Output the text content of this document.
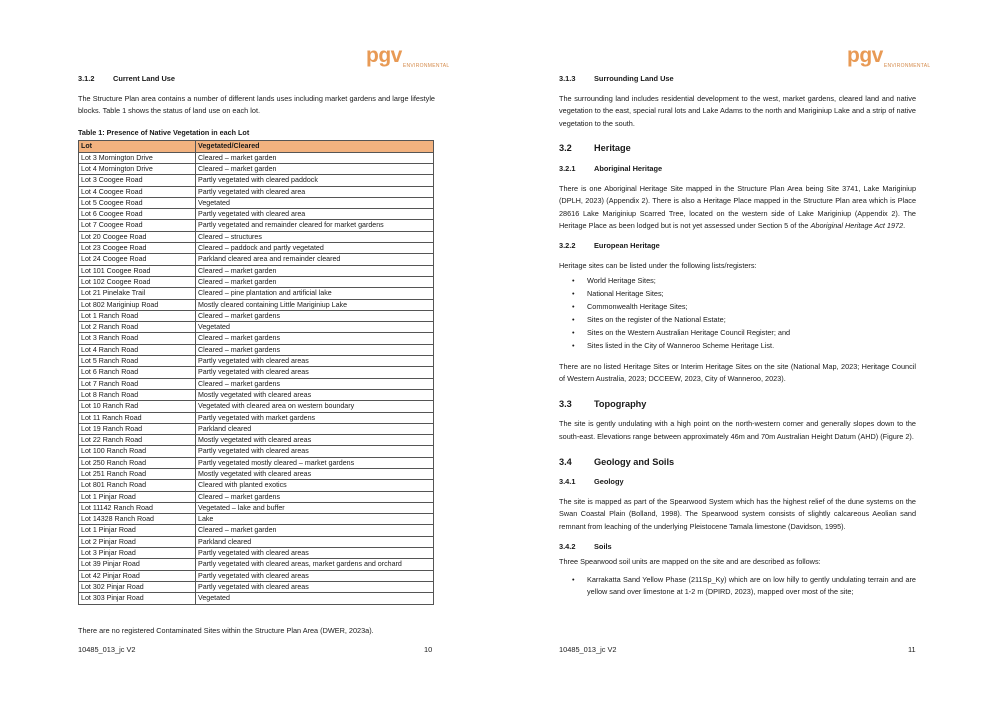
pgv$_{ENVIRONMENTAL}$
3.1.2	Current Land Use

The Structure Plan area contains a number of different lands uses including market gardens and large lifestyle blocks. Table 1 shows the status of land use on each lot.

Table 1: Presence of Native Vegetation in each Lot
Lot	Vegetated/Cleared
Lot 3 Mornington Drive	Cleared – market garden
Lot 4 Mornington Drive	Cleared – market garden
Lot 3 Coogee Road	Partly vegetated with cleared paddock
Lot 4 Coogee Road	Partly vegetated with cleared area
Lot 5 Coogee Road	Vegetated
Lot 6 Coogee Road	Partly vegetated with cleared area
Lot 7 Coogee Road	Partly vegetated and remainder cleared for market gardens
Lot 20 Coogee Road	Cleared – structures
Lot 23 Coogee Road	Cleared – paddock and partly vegetated
Lot 24 Coogee Road	Parkland cleared area and remainder cleared
Lot 101 Coogee Road	Cleared – market garden
Lot 102 Coogee Road	Cleared – market garden
Lot 21 Pinelake Trail	Cleared – pine plantation and artificial lake
Lot 802 Mariginiup Road	Mostly cleared containing Little Mariginiup Lake
Lot 1 Ranch Road	Cleared – market gardens
Lot 2 Ranch Road	Vegetated
Lot 3 Ranch Road	Cleared – market gardens
Lot 4 Ranch Road	Cleared – market gardens
Lot 5 Ranch Road	Partly vegetated with cleared areas
Lot 6 Ranch Road	Partly vegetated with cleared areas
Lot 7 Ranch Road	Cleared – market gardens
Lot 8 Ranch Road	Mostly vegetated with cleared areas
Lot 10 Ranch Rad	Vegetated with cleared area on western boundary
Lot 11 Ranch Road	Partly vegetated with market gardens
Lot 19 Ranch Road	Parkland cleared
Lot 22 Ranch Road	Mostly vegetated with cleared areas
Lot 100 Ranch Road	Partly vegetated with cleared areas
Lot 250 Ranch Road	Partly vegetated mostly cleared – market gardens
Lot 251 Ranch Road	Mostly vegetated with cleared areas
Lot 801 Ranch Road	Cleared with planted exotics
Lot 1 Pinjar Road	Cleared – market gardens
Lot 11142 Ranch Road	Vegetated – lake and buffer
Lot 14328 Ranch Road	Lake
Lot 1 Pinjar Road	Cleared – market garden
Lot 2 Pinjar Road	Parkland cleared
Lot 3 Pinjar Road	Partly vegetated with cleared areas
Lot 39 Pinjar Road	Partly vegetated with cleared areas, market gardens and orchard
Lot 42 Pinjar Road	Partly vegetated with cleared areas
Lot 302 Pinjar Road	Partly vegetated with cleared areas
Lot 303 Pinjar Road	Vegetated

There are no registered Contaminated Sites within the Structure Plan Area (DWER, 2023a).

10485_013_jc V2	10
pgv$_{ENVIRONMENTAL}$
3.1.3	Surrounding Land Use

The surrounding land includes residential development to the west, market gardens, cleared land and native vegetation to the east, special rural lots and Lake Adams to the north and Mariginiup Lake and a strip of native vegetation to the south.

3.2	Heritage
3.2.1	Aboriginal Heritage

There is one Aboriginal Heritage Site mapped in the Structure Plan Area being Site 3741, Lake Mariginiup (DPLH, 2023) (Appendix 2). There is also a Heritage Place mapped in the Structure Plan area which is Place 28616 Lake Mariginiup Scarred Tree, located on the western side of Lake Mariginiup (Appendix 2). The Heritage Place as been lodged but is not yet assessed under Section 5 of the Aboriginal Heritage Act 1972.

3.2.2	European Heritage

Heritage sites can be listed under the following lists/registers:

• World Heritage Sites;
• National Heritage Sites;
• Commonwealth Heritage Sites;
• Sites on the register of the National Estate;
• Sites on the Western Australian Heritage Council Register; and
• Sites listed in the City of Wanneroo Scheme Heritage List.

There are no listed Heritage Sites or Interim Heritage Sites on the site (National Map, 2023; Heritage Council of Western Australia, 2023; DCCEEW, 2023, City of Wanneroo, 2023).

3.3	Topography

The site is gently undulating with a high point on the north-western corner and generally slopes down to the south-east. Elevations range between approximately 46m and 70m Australian Height Datum (AHD) (Figure 2).

3.4	Geology and Soils
3.4.1	Geology

The site is mapped as part of the Spearwood System which has the highest relief of the dune systems on the Swan Coastal Plain (Bolland, 1998). The Spearwood system consists of slightly calcareous Aeolian sand remnant from leaching of the underlying Pleistocene Tamala limestone (Davidson, 1995).

3.4.2	Soils

Three Spearwood soil units are mapped on the site and are described as follows:

• Karrakatta Sand Yellow Phase (211Sp_Ky) which are on low hilly to gently undulating terrain and are yellow sand over limestone at 1-2 m (DPIRD, 2023), mapped over most of the site;
10485_013_jc V2	11
